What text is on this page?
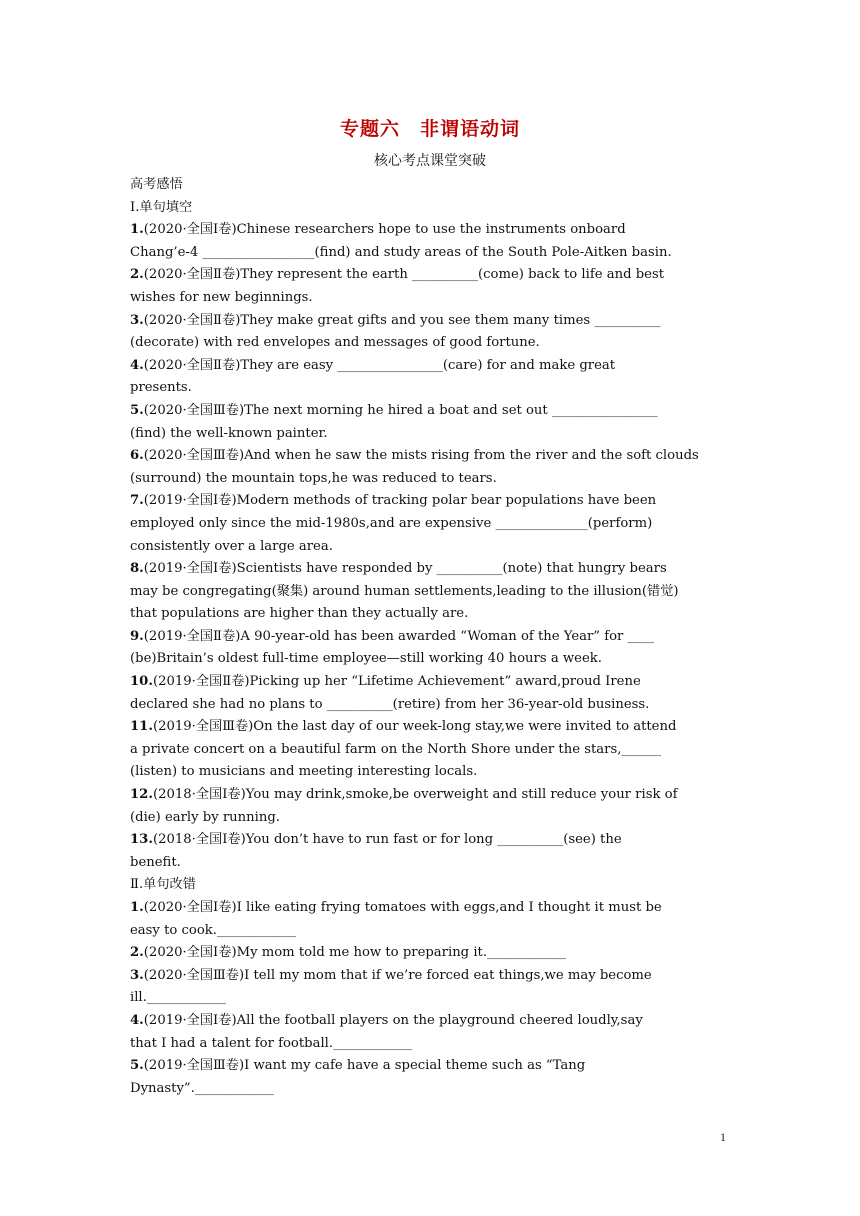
专题六　非谓语动词
核心考点课堂突破
高考感悟
Ⅰ.单句填空
1.(2020·全国Ⅰ卷)Chinese researchers hope to use the instruments onboard
Chang’e-4 _________________(find) and study areas of the South Pole-Aitken basin.
2.(2020·全国Ⅱ卷)They represent the earth __________(come) back to life and best
wishes for new beginnings.
3.(2020·全国Ⅱ卷)They make great gifts and you see them many times __________
(decorate) with red envelopes and messages of good fortune.
4.(2020·全国Ⅱ卷)They are easy ________________(care) for and make great
presents.
5.(2020·全国Ⅲ卷)The next morning he hired a boat and set out ________________
(find) the well-known painter.
6.(2020·全国Ⅲ卷)And when he saw the mists rising from the river and the soft clouds
(surround) the mountain tops,he was reduced to tears.
7.(2019·全国Ⅰ卷)Modern methods of tracking polar bear populations have been
employed only since the mid-1980s,and are expensive ______________(perform)
consistently over a large area.
8.(2019·全国Ⅰ卷)Scientists have responded by __________(note) that hungry bears
may be congregating(聚集) around human settlements,leading to the illusion(错觉)
that populations are higher than they actually are.
9.(2019·全国Ⅱ卷)A 90-year-old has been awarded “Woman of the Year” for ____
(be)Britain’s oldest full-time employee—still working 40 hours a week.
10.(2019·全国Ⅱ卷)Picking up her “Lifetime Achievement” award,proud Irene
declared she had no plans to __________(retire) from her 36-year-old business.
11.(2019·全国Ⅲ卷)On the last day of our week-long stay,we were invited to attend
a private concert on a beautiful farm on the North Shore under the stars,______
(listen) to musicians and meeting interesting locals.
12.(2018·全国Ⅰ卷)You may drink,smoke,be overweight and still reduce your risk of
(die) early by running.
13.(2018·全国Ⅰ卷)You don’t have to run fast or for long __________(see) the
benefit.
Ⅱ.单句改错
1.(2020·全国Ⅰ卷)I like eating frying tomatoes with eggs,and I thought it must be
easy to cook.____________
2.(2020·全国Ⅰ卷)My mom told me how to preparing it.____________
3.(2020·全国Ⅲ卷)I tell my mom that if we’re forced eat things,we may become
ill.____________
4.(2019·全国Ⅰ卷)All the football players on the playground cheered loudly,say
that I had a talent for football.____________
5.(2019·全国Ⅲ卷)I want my cafe have a special theme such as “Tang
Dynasty”.____________
1
